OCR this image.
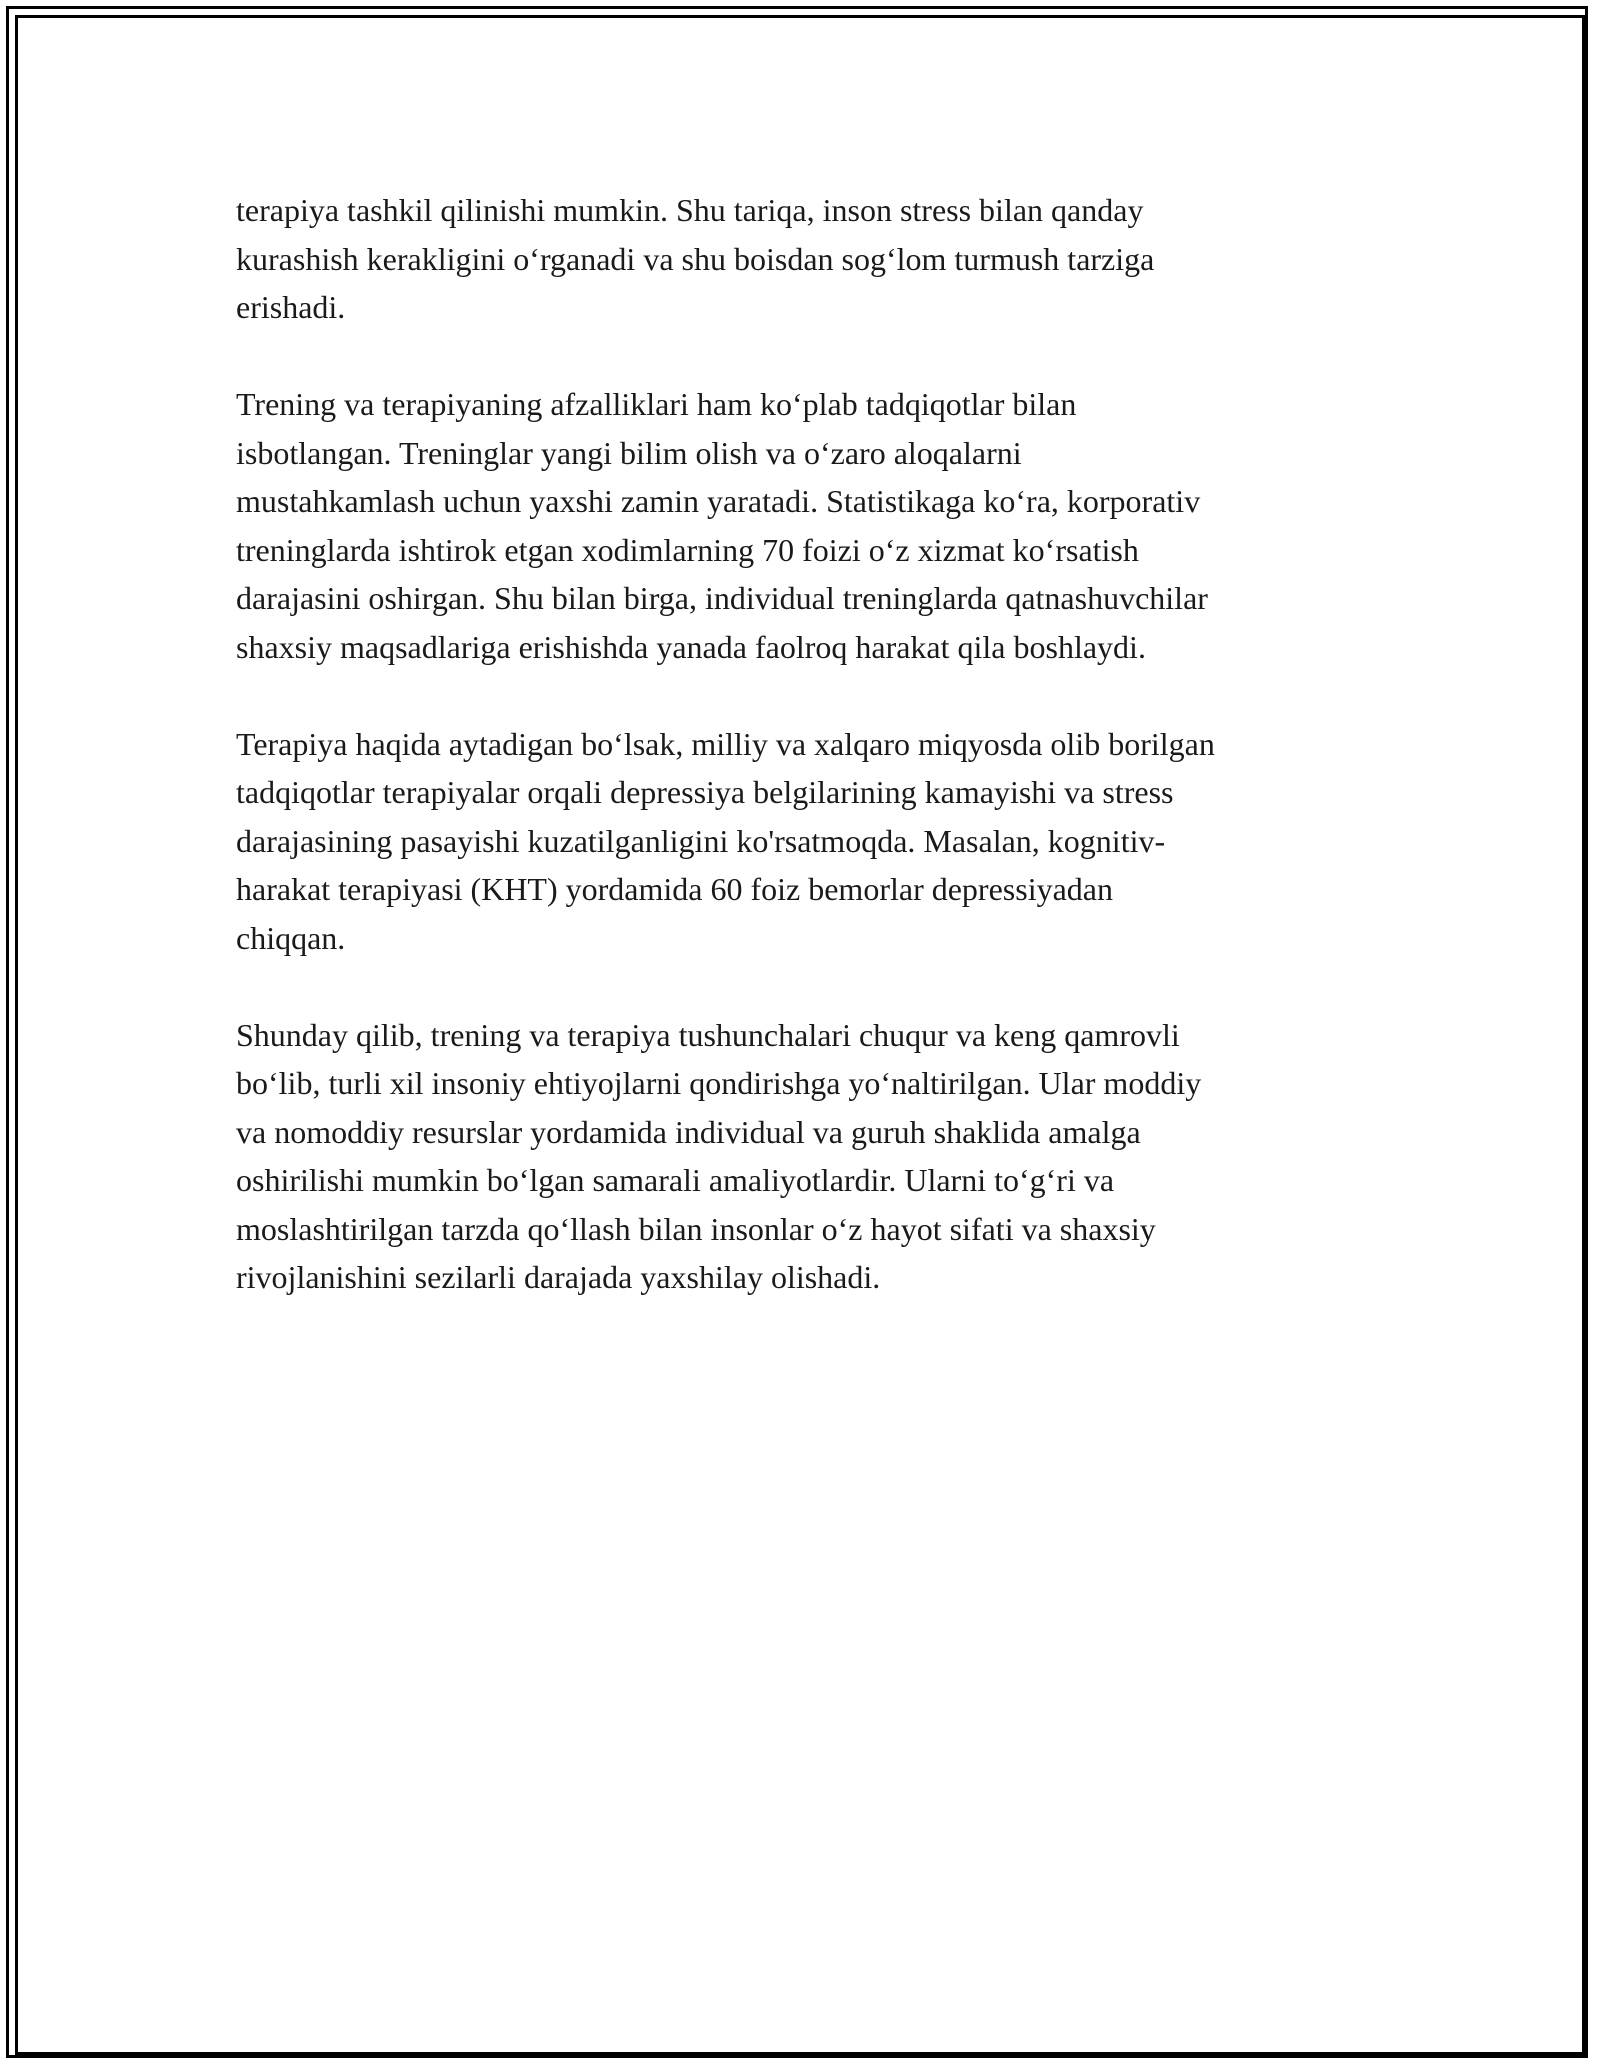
terapiya tashkil qilinishi mumkin. Shu tariqa, inson stress bilan qanday
kurashish kerakligini o‘rganadi va shu boisdan sog‘lom turmush tarziga
erishadi.

Trening va terapiyaning afzalliklari ham ko‘plab tadqiqotlar bilan
isbotlangan. Treninglar yangi bilim olish va o‘zaro aloqalarni
mustahkamlash uchun yaxshi zamin yaratadi. Statistikaga ko‘ra, korporativ
treninglarda ishtirok etgan xodimlarning 70 foizi o‘z xizmat ko‘rsatish
darajasini oshirgan. Shu bilan birga, individual treninglarda qatnashuvchilar
shaxsiy maqsadlariga erishishda yanada faolroq harakat qila boshlaydi.

Terapiya haqida aytadigan bo‘lsak, milliy va xalqaro miqyosda olib borilgan
tadqiqotlar terapiyalar orqali depressiya belgilarining kamayishi va stress
darajasining pasayishi kuzatilganligini ko'rsatmoqda. Masalan, kognitiv-
harakat terapiyasi (KHT) yordamida 60 foiz bemorlar depressiyadan
chiqqan.

Shunday qilib, trening va terapiya tushunchalari chuqur va keng qamrovli
bo‘lib, turli xil insoniy ehtiyojlarni qondirishga yo‘naltirilgan. Ular moddiy
va nomoddiy resurslar yordamida individual va guruh shaklida amalga
oshirilishi mumkin bo‘lgan samarali amaliyotlardir. Ularni to‘g‘ri va
moslashtirilgan tarzda qo‘llash bilan insonlar o‘z hayot sifati va shaxsiy
rivojlanishini sezilarli darajada yaxshilay olishadi.
